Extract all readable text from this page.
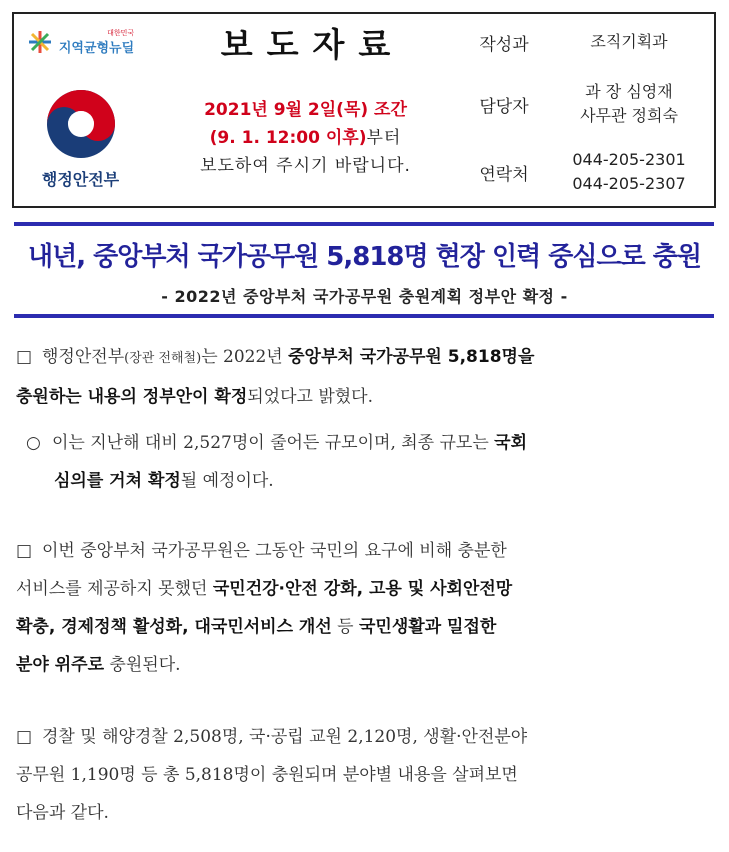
대한민국
지역균형뉴딜
행정안전부
보도자료
2021년 9월 2일(목) 조간
(9. 1. 12:00 이후)부터
보도하여 주시기 바랍니다.
작성과	조직기획과
담당자
과 장 심영재
사무관 정희숙
연락처
044-205-2301
044-205-2307
내년, 중앙부처 국가공무원 5,818명 현장 인력 중심으로 충원
- 2022년 중앙부처 국가공무원 충원계획 정부안 확정 -
□ 행정안전부(장관 전해철)는 2022년 중앙부처 국가공무원 5,818명을
충원하는 내용의 정부안이 확정되었다고 밝혔다.
○ 이는 지난해 대비 2,527명이 줄어든 규모이며, 최종 규모는 국회
심의를 거쳐 확정될 예정이다.
□ 이번 중앙부처 국가공무원은 그동안 국민의 요구에 비해 충분한
서비스를 제공하지 못했던 국민건강·안전 강화, 고용 및 사회안전망
확충, 경제정책 활성화, 대국민서비스 개선 등 국민생활과 밀접한
분야 위주로 충원된다.
□ 경찰 및 해양경찰 2,508명, 국·공립 교원 2,120명, 생활·안전분야
공무원 1,190명 등 총 5,818명이 충원되며 분야별 내용을 살펴보면
다음과 같다.
